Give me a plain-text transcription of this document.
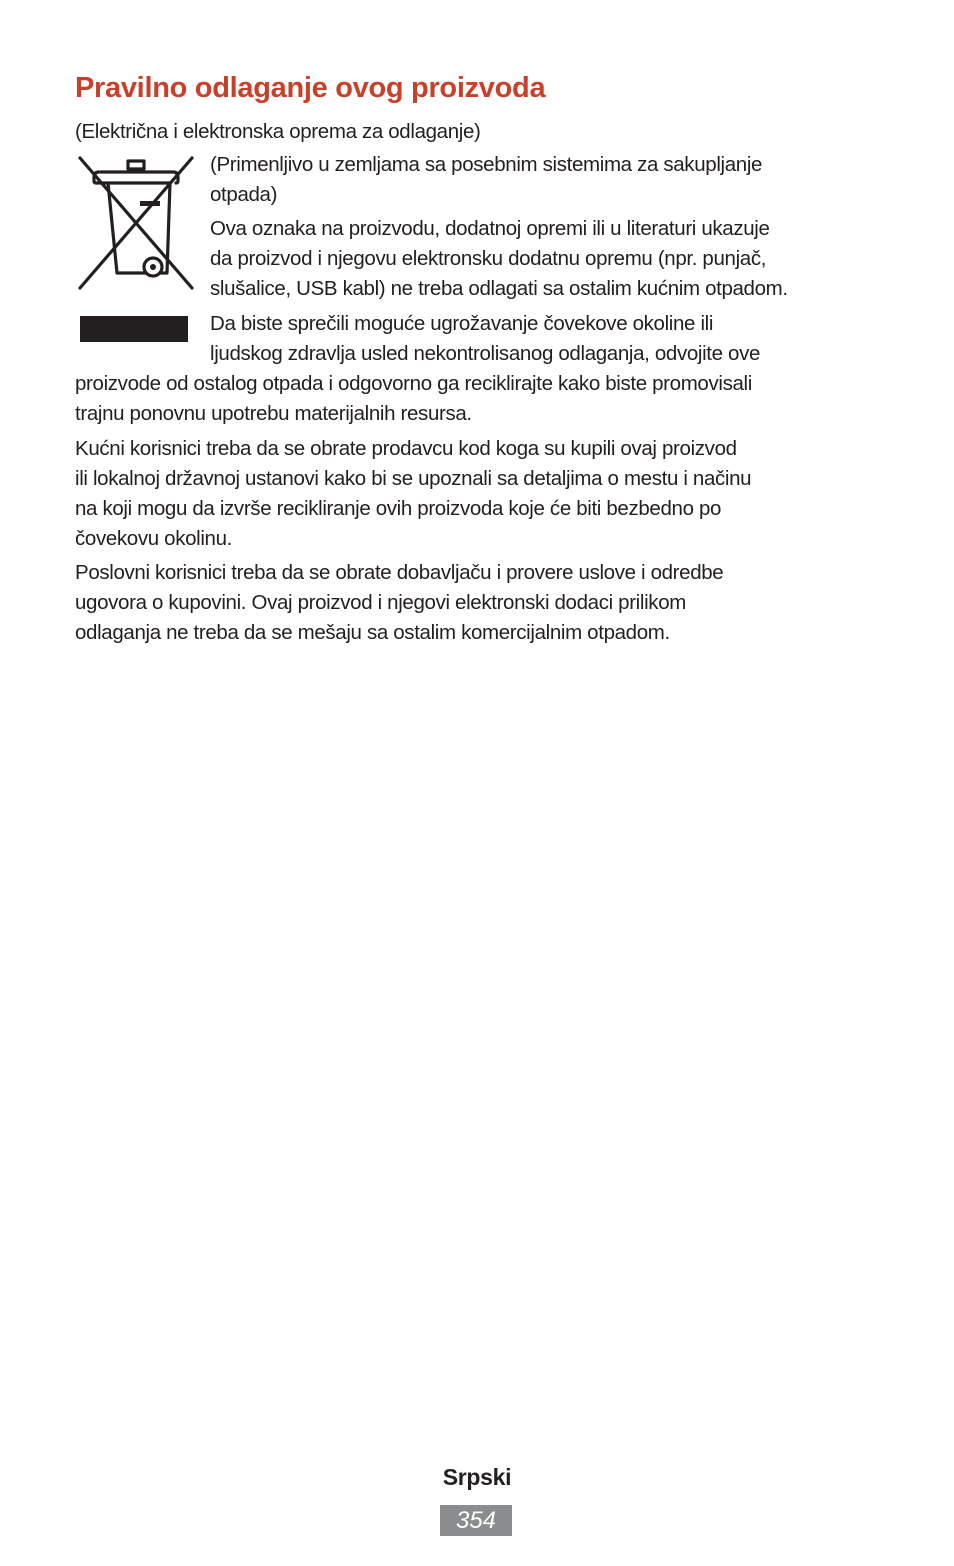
Pravilno odlaganje ovog proizvoda

(Električna i elektronska oprema za odlaganje)

(Primenljivo u zemljama sa posebnim sistemima za sakupljanje

otpada)

Ova oznaka na proizvodu, dodatnoj opremi ili u literaturi ukazuje

da proizvod i njegovu elektronsku dodatnu opremu (npr. punjač,

slušalice, USB kabl) ne treba odlagati sa ostalim kućnim otpadom.

Da biste sprečili moguće ugrožavanje čovekove okoline ili

ljudskog zdravlja usled nekontrolisanog odlaganja, odvojite ove

proizvode od ostalog otpada i odgovorno ga reciklirajte kako biste promovisali

trajnu ponovnu upotrebu materijalnih resursa.

Kućni korisnici treba da se obrate prodavcu kod koga su kupili ovaj proizvod

ili lokalnoj državnoj ustanovi kako bi se upoznali sa detaljima o mestu i načinu

na koji mogu da izvrše recikliranje ovih proizvoda koje će biti bezbedno po

čovekovu okolinu.

Poslovni korisnici treba da se obrate dobavljaču i provere uslove i odredbe

ugovora o kupovini. Ovaj proizvod i njegovi elektronski dodaci prilikom

odlaganja ne treba da se mešaju sa ostalim komercijalnim otpadom.

Srpski
354
